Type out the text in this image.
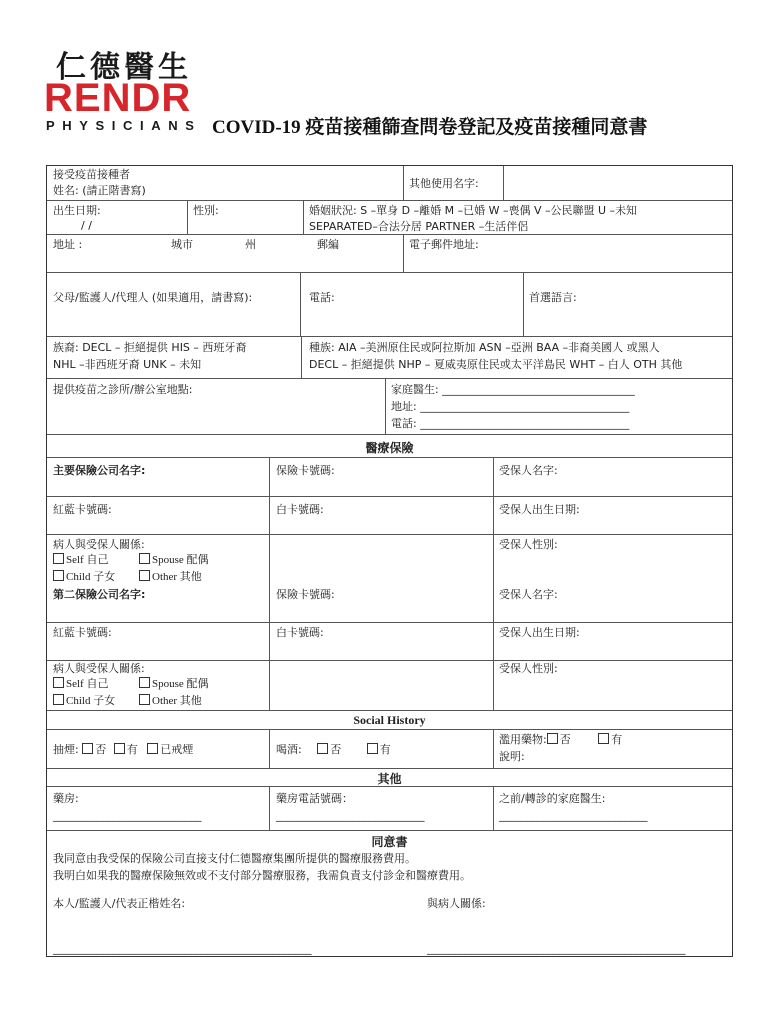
仁德醫生
RENDR
PHYSICIANS COVID-19 疫苗接種篩查問卷登記及疫苗接種同意書
接受疫苗接種者
姓名: (請正階書寫)
其他使用名字:
出生日期:
/ /
性別:	婚姻狀況: S –單身 D –離婚 M –已婚 W –喪偶 V –公民聯盟 U –未知
SEPARATED–合法分居 PARTNER –生活伴侶
地址 :	城市	州	郵編	電子郵件地址:
父母/監護人/代理人 (如果適用，請書寫):	電話:	首選語言:
族裔: DECL – 拒絕提供 HIS – 西班牙裔
NHL –非西班牙裔 UNK – 未知
種族: AIA –美洲原住民或阿拉斯加 ASN –亞洲 BAA –非裔美國人 或黑人
DECL – 拒絕提供 NHP – 夏威夷原住民或太平洋島民 WHT – 白人 OTH 其他
提供疫苗之診所/辦公室地點:	家庭醫生: ___________________________________
地址: ______________________________________
電話: ______________________________________
醫療保險
主要保險公司名字:	保險卡號碼:	受保人名字:
紅藍卡號碼:	白卡號碼:	受保人出生日期:
病人與受保人關係:
Self 自己	Spouse 配偶
Child 子女	Other 其他
受保人性別:
第二保險公司名字:	保險卡號碼:	受保人名字:
紅藍卡號碼:	白卡號碼:	受保人出生日期:
病人與受保人關係:
Self 自己	Spouse 配偶
Child 子女	Other 其他
受保人性別:
Social History
抽煙: 否 有 已戒煙	喝酒:	否	有
濫用藥物: 否	有
說明:
其他
藥房:
___________________________
藥房電話號碼：
___________________________
之前/轉診的家庭醫生:
___________________________
同意書
我同意由我受保的保險公司直接支付仁德醫療集團所提供的醫療服務費用。
我明白如果我的醫療保險無效或不支付部分醫療服務，我需負責支付診金和醫療費用。
本人/監護人/代表正楷姓名:	與病人關係:
_______________________________________________	_______________________________________________
